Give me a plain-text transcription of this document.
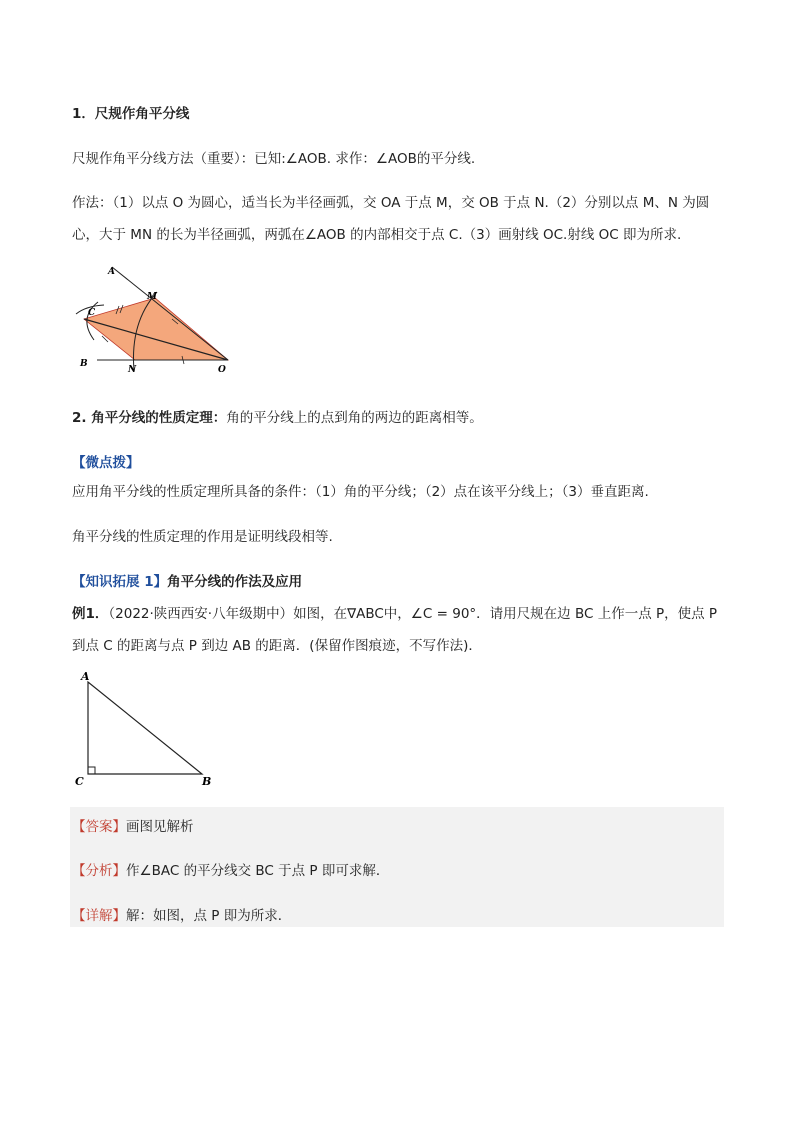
1．尺规作角平分线
尺规作角平分线方法（重要）：已知:∠AOB. 求作：∠AOB的平分线.
作法：（1）以点 O 为圆心，适当长为半径画弧，交 OA 于点 M，交 OB 于点 N.（2）分别以点 M、N 为圆
心，大于 MN 的长为半径画弧，两弧在∠AOB 的内部相交于点 C.（3）画射线 OC.射线 OC 即为所求.
A
M
C
B
N	O
2. 角平分线的性质定理：角的平分线上的点到角的两边的距离相等。
【微点拨】
应用角平分线的性质定理所具备的条件：（1）角的平分线；（2）点在该平分线上；（3）垂直距离.
角平分线的性质定理的作用是证明线段相等.
【知识拓展 1】角平分线的作法及应用
例1．（2022·陕西西安·八年级期中）如图，在∇ABC中，∠C = 90°．请用尺规在边 BC 上作一点 P，使点 P
到点 C 的距离与点 P 到边 AB 的距离．(保留作图痕迹，不写作法)．
A
C	B
【答案】画图见解析
【分析】作∠BAC 的平分线交 BC 于点 P 即可求解．
【详解】解：如图，点 P 即为所求．
